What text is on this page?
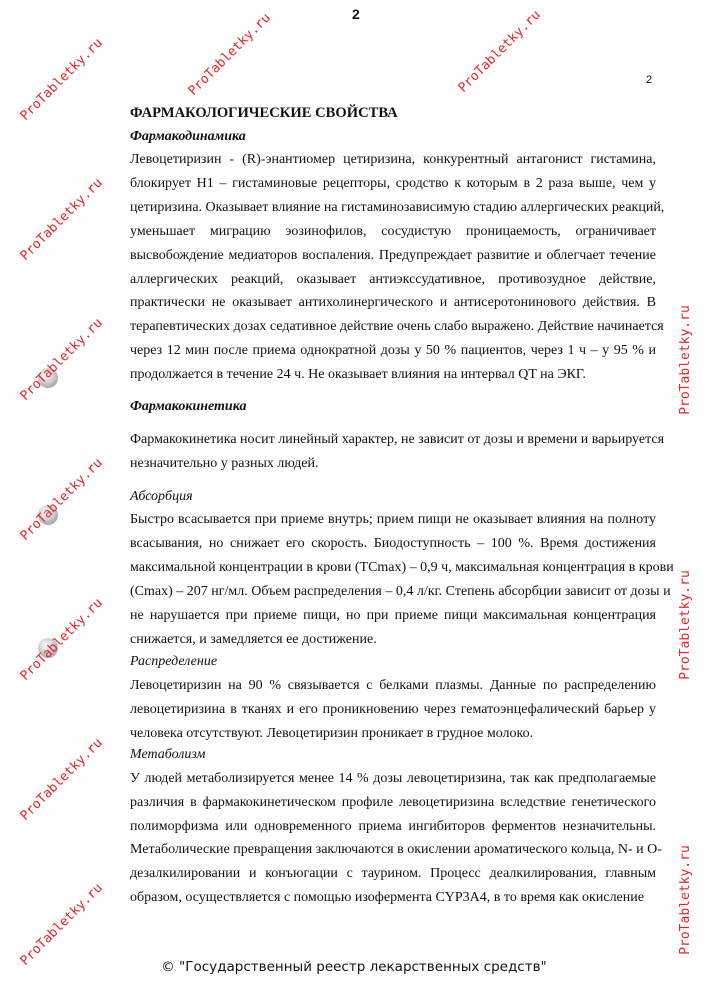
2
2
ФАРМАКОЛОГИЧЕСКИЕ СВОЙСТВА
Фармакодинамика
Левоцетиризин - (R)-энантиомер цетиризина, конкурентный антагонист гистамина,
блокирует Н1 – гистаминовые рецепторы, сродство к которым в 2 раза выше, чем у
цетиризина. Оказывает влияние на гистаминозависимую стадию аллергических реакций,
уменьшает миграцию эозинофилов, сосудистую проницаемость, ограничивает
высвобождение медиаторов воспаления. Предупреждает развитие и облегчает течение
аллергических реакций, оказывает антиэкссудативное, противозудное действие,
практически не оказывает антихолинергического и антисеротонинового действия. В
терапевтических дозах седативное действие очень слабо выражено. Действие начинается
через 12 мин после приема однократной дозы у 50 % пациентов, через 1 ч – у 95 % и
продолжается в течение 24 ч. Не оказывает влияния на интервал QT на ЭКГ.
Фармакокинетика
Фармакокинетика носит линейный характер, не зависит от дозы и времени и варьируется
незначительно у разных людей.
Абсорбция
Быстро всасывается при приеме внутрь; прием пищи не оказывает влияния на полноту
всасывания, но снижает его скорость. Биодоступность – 100 %. Время достижения
максимальной концентрации в крови (TCmax) – 0,9 ч, максимальная концентрация в крови
(Cmax) – 207 нг/мл. Объем распределения – 0,4 л/кг. Степень абсорбции зависит от дозы и
не нарушается при приеме пищи, но при приеме пищи максимальная концентрация
снижается, и замедляется ее достижение.
Распределение
Левоцетиризин на 90 % связывается с белками плазмы. Данные по распределению
левоцетиризина в тканях и его проникновению через гематоэнцефалический барьер у
человека отсутствуют. Левоцетиризин проникает в грудное молоко.
Метаболизм
У людей метаболизируется менее 14 % дозы левоцетиризина, так как предполагаемые
различия в фармакокинетическом профиле левоцетиризина вследствие генетического
полиморфизма или одновременного приема ингибиторов ферментов незначительны.
Метаболические превращения заключаются в окислении ароматического кольца, N- и O-
дезалкилировании и конъюгации с таурином. Процесс деалкилирования, главным
образом, осуществляется с помощью изофермента CYP3A4, в то время как окисление
© "Государственный реестр лекарственных средств"
ProTabletky.ru
ProTabletky.ru
ProTabletky.ru
ProTabletky.ru
ProTabletky.ru
ProTabletky.ru
ProTabletky.ru
ProTabletky.ru	ProTabletky.ru
ProTabletky.ru
ProTabletky.ru
ProTabletky.ru
